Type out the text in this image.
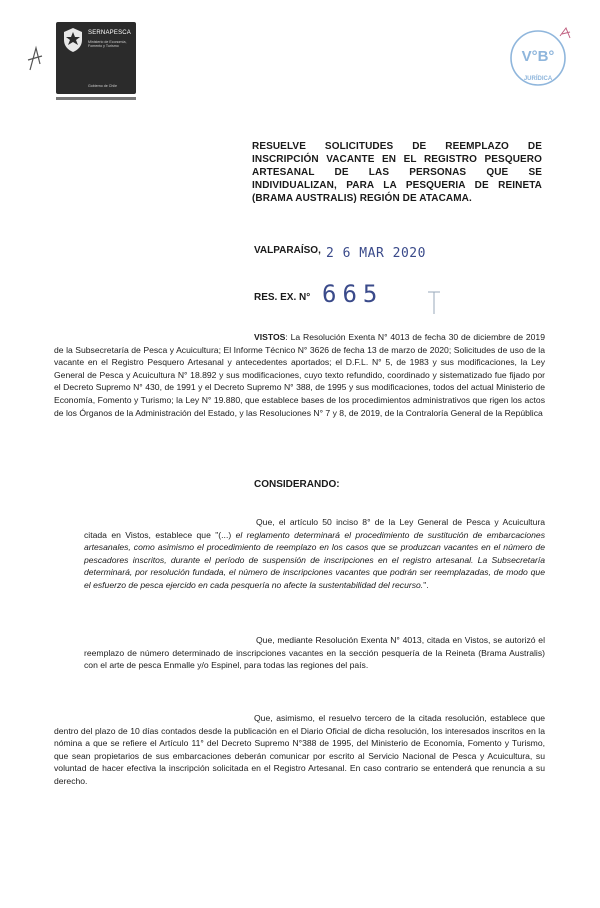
SERNAPESCA
Ministerio de Economía, Fomento y Turismo
Gobierno de Chile
V°B°
JURÍDICA
RESUELVE SOLICITUDES DE REEMPLAZO DE INSCRIPCIÓN VACANTE EN EL REGISTRO PESQUERO ARTESANAL DE LAS PERSONAS QUE SE INDIVIDUALIZAN, PARA LA PESQUERIA DE REINETA (BRAMA AUSTRALIS) REGIÓN DE ATACAMA.
VALPARAÍSO, 2 6 MAR 2020
RES. EX. N° 665
VISTOS: La Resolución Exenta N° 4013 de fecha 30 de diciembre de 2019 de la Subsecretaría de Pesca y Acuicultura; El Informe Técnico N° 3626 de fecha 13 de marzo de 2020; Solicitudes de uso de la vacante en el Registro Pesquero Artesanal y antecedentes aportados; el D.F.L. N° 5, de 1983 y sus modificaciones, la Ley General de Pesca y Acuicultura N° 18.892 y sus modificaciones, cuyo texto refundido, coordinado y sistematizado fue fijado por el Decreto Supremo N° 430, de 1991 y el Decreto Supremo N° 388, de 1995 y sus modificaciones, todos del actual Ministerio de Economía, Fomento y Turismo; la Ley N° 19.880, que establece bases de los procedimientos administrativos que rigen los actos de los Órganos de la Administración del Estado, y las Resoluciones N° 7 y 8, de 2019, de la Contraloría General de la República
CONSIDERANDO:
Que, el artículo 50 inciso 8° de la Ley General de Pesca y Acuicultura citada en Vistos, establece que "(...) el reglamento determinará el procedimiento de sustitución de embarcaciones artesanales, como asimismo el procedimiento de reemplazo en los casos que se produzcan vacantes en el número de pescadores inscritos, durante el período de suspensión de inscripciones en el registro artesanal. La Subsecretaría determinará, por resolución fundada, el número de inscripciones vacantes que podrán ser reemplazadas, de modo que el esfuerzo de pesca ejercido en cada pesquería no afecte la sustentabilidad del recurso.".
Que, mediante Resolución Exenta N° 4013, citada en Vistos, se autorizó el reemplazo de número determinado de inscripciones vacantes en la sección pesquería de la Reineta (Brama Australis) con el arte de pesca Enmalle y/o Espinel, para todas las regiones del país.
Que, asimismo, el resuelvo tercero de la citada resolución, establece que dentro del plazo de 10 días contados desde la publicación en el Diario Oficial de dicha resolución, los interesados inscritos en la nómina a que se refiere el Artículo 11° del Decreto Supremo N°388 de 1995, del Ministerio de Economía, Fomento y Turismo, que sean propietarios de sus embarcaciones deberán comunicar por escrito al Servicio Nacional de Pesca y Acuicultura, su voluntad de hacer efectiva la inscripción solicitada en el Registro Artesanal. En caso contrario se entenderá que renuncia a su derecho.
